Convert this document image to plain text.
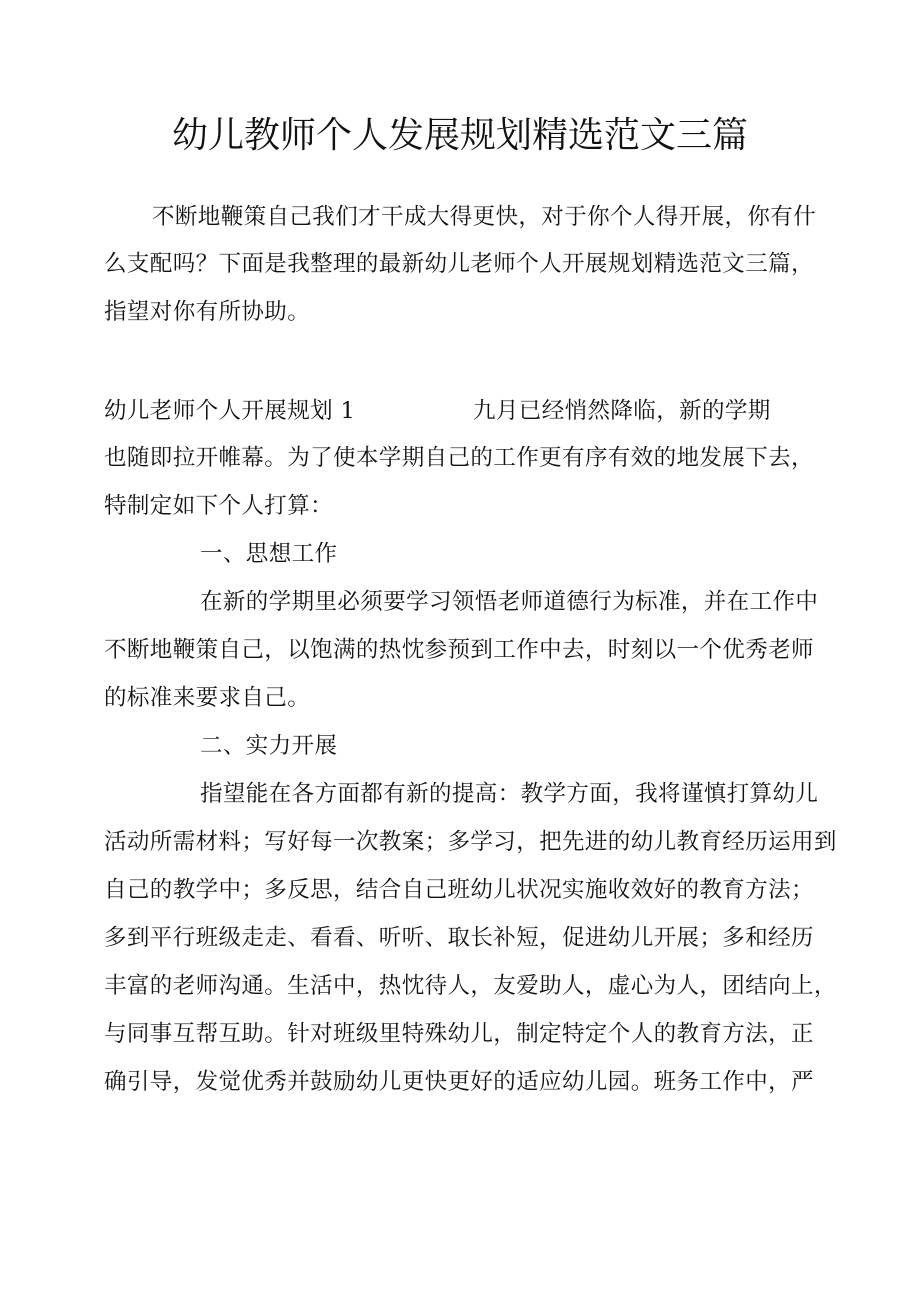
幼儿教师个人发展规划精选范文三篇
不断地鞭策自己我们才干成大得更快，对于你个人得开展，你有什
么支配吗？下面是我整理的最新幼儿老师个人开展规划精选范文三篇，
指望对你有所协助。
幼儿老师个人开展规划 1	九月已经悄然降临，新的学期
也随即拉开帷幕。为了使本学期自己的工作更有序有效的地发展下去，
特制定如下个人打算：
一、思想工作
在新的学期里必须要学习领悟老师道德行为标准，并在工作中
不断地鞭策自己，以饱满的热忱参预到工作中去，时刻以一个优秀老师
的标准来要求自己。
二、实力开展
指望能在各方面都有新的提高：教学方面，我将谨慎打算幼儿
活动所需材料；写好每一次教案；多学习，把先进的幼儿教育经历运用到
自己的教学中；多反思，结合自己班幼儿状况实施收效好的教育方法；
多到平行班级走走、看看、听听、取长补短，促进幼儿开展；多和经历
丰富的老师沟通。生活中，热忱待人，友爱助人，虚心为人，团结向上，
与同事互帮互助。针对班级里特殊幼儿，制定特定个人的教育方法，正
确引导，发觉优秀并鼓励幼儿更快更好的适应幼儿园。班务工作中，严
